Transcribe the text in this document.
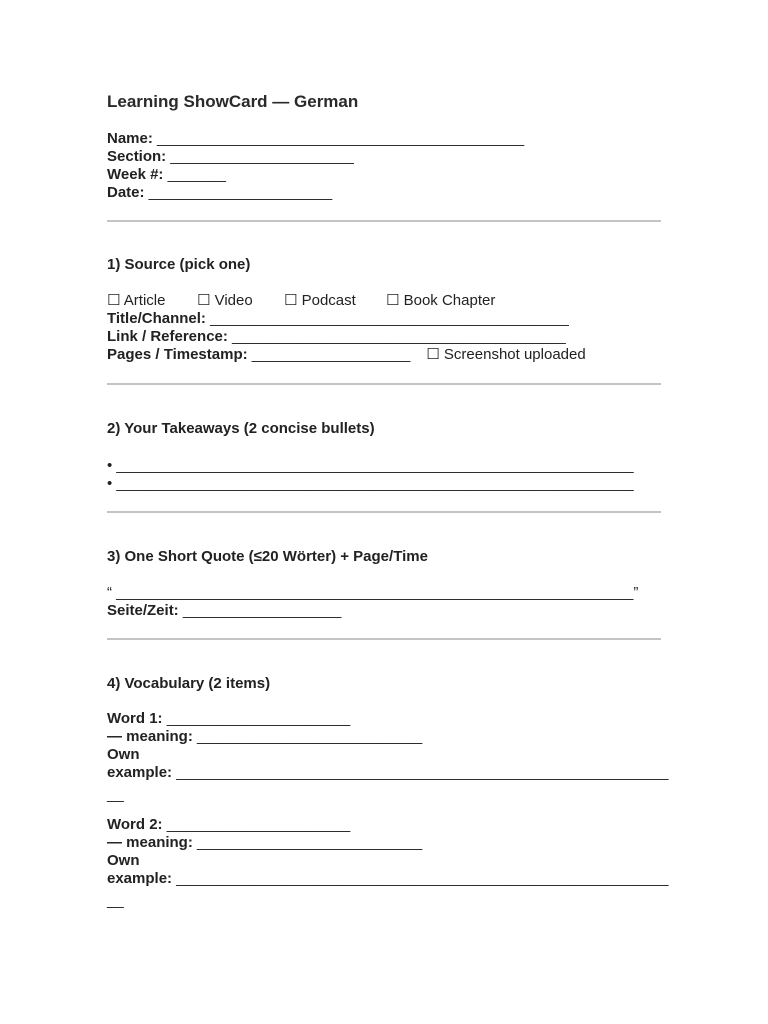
Learning ShowCard — German
Name: ____________________________________________
Section: ______________________
Week #: _______
Date: ______________________
1) Source (pick one)
☐ Article ☐ Video ☐ Podcast ☐ Book Chapter
Title/Channel: ___________________________________________
Link / Reference: ________________________________________
Pages / Timestamp: ___________________ ☐ Screenshot uploaded
2) Your Takeaways (2 concise bullets)
• ______________________________________________________________
• ______________________________________________________________
3) One Short Quote (≤20 Wörter) + Page/Time
“ ______________________________________________________________”
Seite/Zeit: ___________________
4) Vocabulary (2 items)
Word 1: ______________________
— meaning: ___________________________
Own
example: ___________________________________________________________
__
Word 2: ______________________
— meaning: ___________________________
Own
example: ___________________________________________________________
__
